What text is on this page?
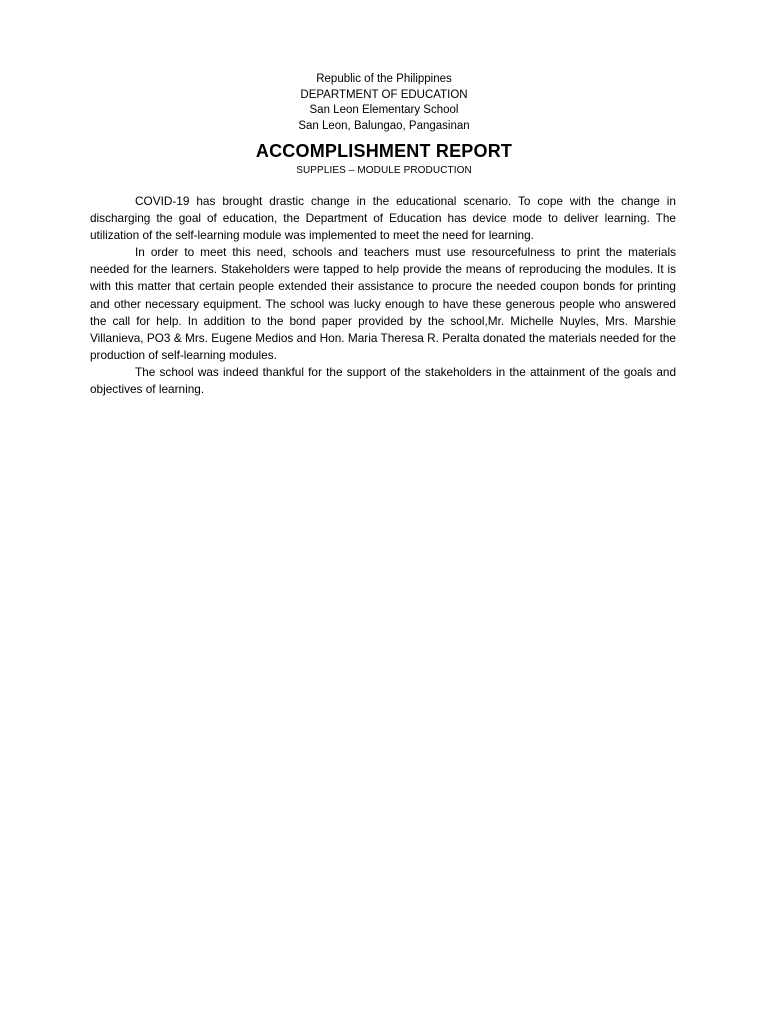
Republic of the Philippines
DEPARTMENT OF EDUCATION
San Leon Elementary School
San Leon, Balungao, Pangasinan
ACCOMPLISHMENT REPORT
SUPPLIES – MODULE PRODUCTION

COVID-19 has brought drastic change in the educational scenario. To cope with the change in discharging the goal of education, the Department of Education has device mode to deliver learning. The utilization of the self-learning module was implemented to meet the need for learning.

In order to meet this need, schools and teachers must use resourcefulness to print the materials needed for the learners. Stakeholders were tapped to help provide the means of reproducing the modules. It is with this matter that certain people extended their assistance to procure the needed coupon bonds for printing and other necessary equipment. The school was lucky enough to have these generous people who answered the call for help. In addition to the bond paper provided by the school,Mr. Michelle Nuyles, Mrs. Marshie Villanieva, PO3 & Mrs. Eugene Medios and Hon. Maria Theresa R. Peralta donated the materials needed for the production of self-learning modules.

The school was indeed thankful for the support of the stakeholders in the attainment of the goals and objectives of learning.
